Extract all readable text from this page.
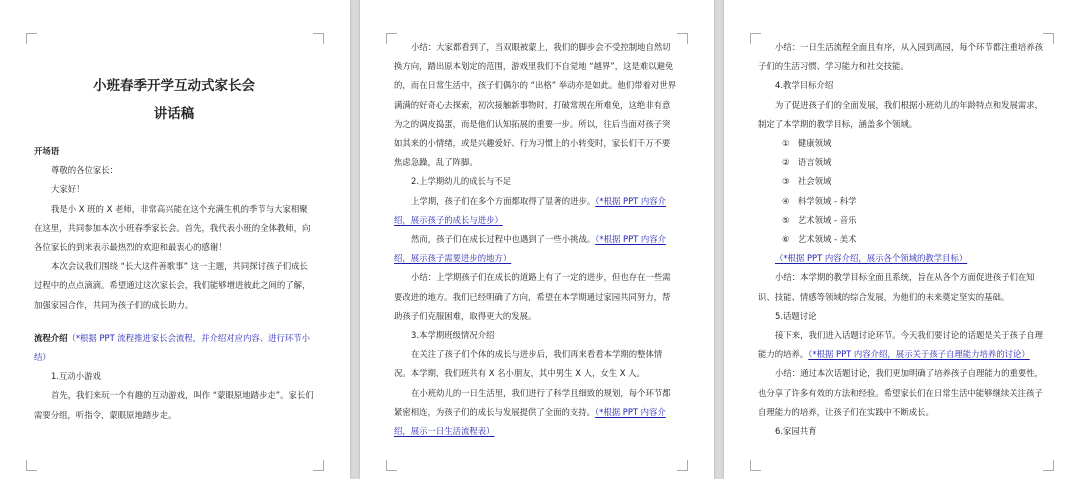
小班春季开学互动式家长会

讲话稿

开场语

尊敬的各位家长：

大家好！

我是小 X 班的 X 老师，非常高兴能在这个充满生机的季节与大家相聚在这里，共同参加本次小班春季家长会。首先，我代表小班的全体教师，向各位家长的到来表示最热烈的欢迎和最衷心的感谢！

本次会议我们围绕 “长大这件善歌事” 这一主题，共同探讨孩子们成长过程中的点点滴滴。希望通过这次家长会，我们能够增进彼此之间的了解，加强家园合作，共同为孩子们的成长助力。

流程介绍（*根据 PPT 流程推进家长会流程，并介绍对应内容、进行环节小结）

1.互动小游戏

首先，我们来玩一个有趣的互动游戏，叫作 “蒙眼原地踏步走”。家长们需要分组，听指令，蒙眼原地踏步走。

小结：大家都看到了，当双眼被蒙上，我们的脚步会不受控制地自然切换方向，踏出原本划定的范围，游戏里我们不自觉地 “越界”，这是难以避免的，而在日常生活中，孩子们偶尔的 “出格” 举动亦是如此。他们带着对世界满满的好奇心去探索，初次接触新事物时，打破常规在所难免，这绝非有意为之的调皮捣蛋，而是他们认知拓展的重要一步。所以，往后当面对孩子突如其来的小情绪，或是兴趣爱好、行为习惯上的小转变时，家长们千万不要焦虑急躁，乱了阵脚。

2.上学期幼儿的成长与不足

上学期，孩子们在多个方面都取得了显著的进步。（*根据 PPT 内容介绍，展示孩子的成长与进步）

然而，孩子们在成长过程中也遇到了一些小挑战。（*根据 PPT 内容介绍，展示孩子需要进步的地方）

小结：上学期孩子们在成长的道路上有了一定的进步，但也存在一些需要改进的地方。我们已经明确了方向，希望在本学期通过家园共同努力，帮助孩子们克服困难，取得更大的发展。

3.本学期班级情况介绍

在关注了孩子们个体的成长与进步后，我们再来看看本学期的整体情况。本学期，我们班共有 X 名小朋友，其中男生 X 人，女生 X 人。

在小班幼儿的一日生活里，我们进行了科学且细致的规划，每个环节都紧密相连，为孩子们的成长与发展提供了全面的支持。（*根据 PPT 内容介绍，展示一日生活流程表）

小结：一日生活流程全面且有序，从入园到离园，每个环节都注重培养孩子们的生活习惯、学习能力和社交技能。

4.教学目标介绍

为了促进孩子们的全面发展，我们根据小班幼儿的年龄特点和发展需求，制定了本学期的教学目标，涵盖多个领域。

①　健康领域

②　语言领域

③　社会领域

④　科学领域 - 科学

⑤　艺术领域 - 音乐

⑥　艺术领域 - 美术

（*根据 PPT 内容介绍，展示各个领域的教学目标）

小结：本学期的教学目标全面且系统，旨在从各个方面促进孩子们在知识、技能、情感等领域的综合发展，为他们的未来奠定坚实的基础。

5.话题讨论

接下来，我们进入话题讨论环节。今天我们要讨论的话题是关于孩子自理能力的培养。（*根据 PPT 内容介绍，展示关于孩子自理能力培养的讨论）

小结：通过本次话题讨论，我们更加明确了培养孩子自理能力的重要性，也分享了许多有效的方法和经验。希望家长们在日常生活中能够继续关注孩子自理能力的培养，让孩子们在实践中不断成长。

6.家园共育
